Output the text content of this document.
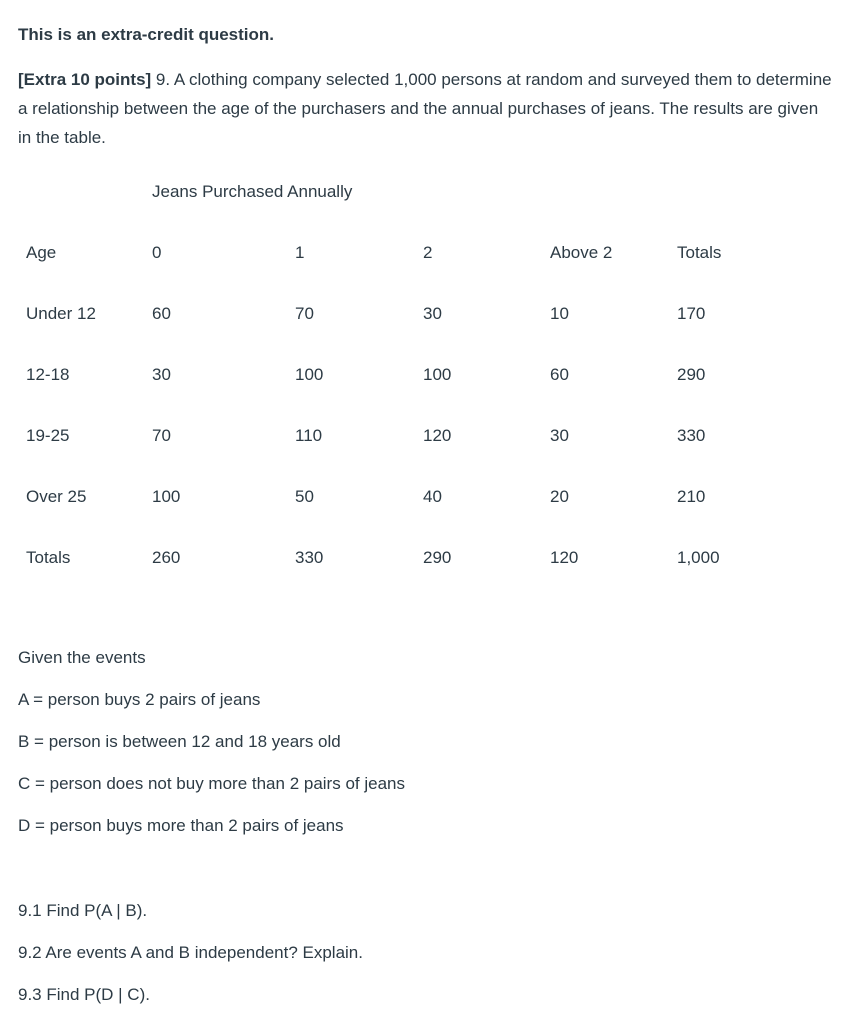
This is an extra-credit question.
[Extra 10 points] 9. A clothing company selected 1,000 persons at random and surveyed them to determine a relationship between the age of the purchasers and the annual purchases of jeans. The results are given in the table.
Jeans Purchased Annually
Age	0	1	2	Above 2	Totals
Under 12	60	70	30	10	170
12-18	30	100	100	60	290
19-25	70	110	120	30	330
Over 25	100	50	40	20	210
Totals	260	330	290	120	1,000
Given the events
A = person buys 2 pairs of jeans
B = person is between 12 and 18 years old
C = person does not buy more than 2 pairs of jeans
D = person buys more than 2 pairs of jeans
9.1 Find P(A | B).
9.2 Are events A and B independent? Explain.
9.3 Find P(D | C).
